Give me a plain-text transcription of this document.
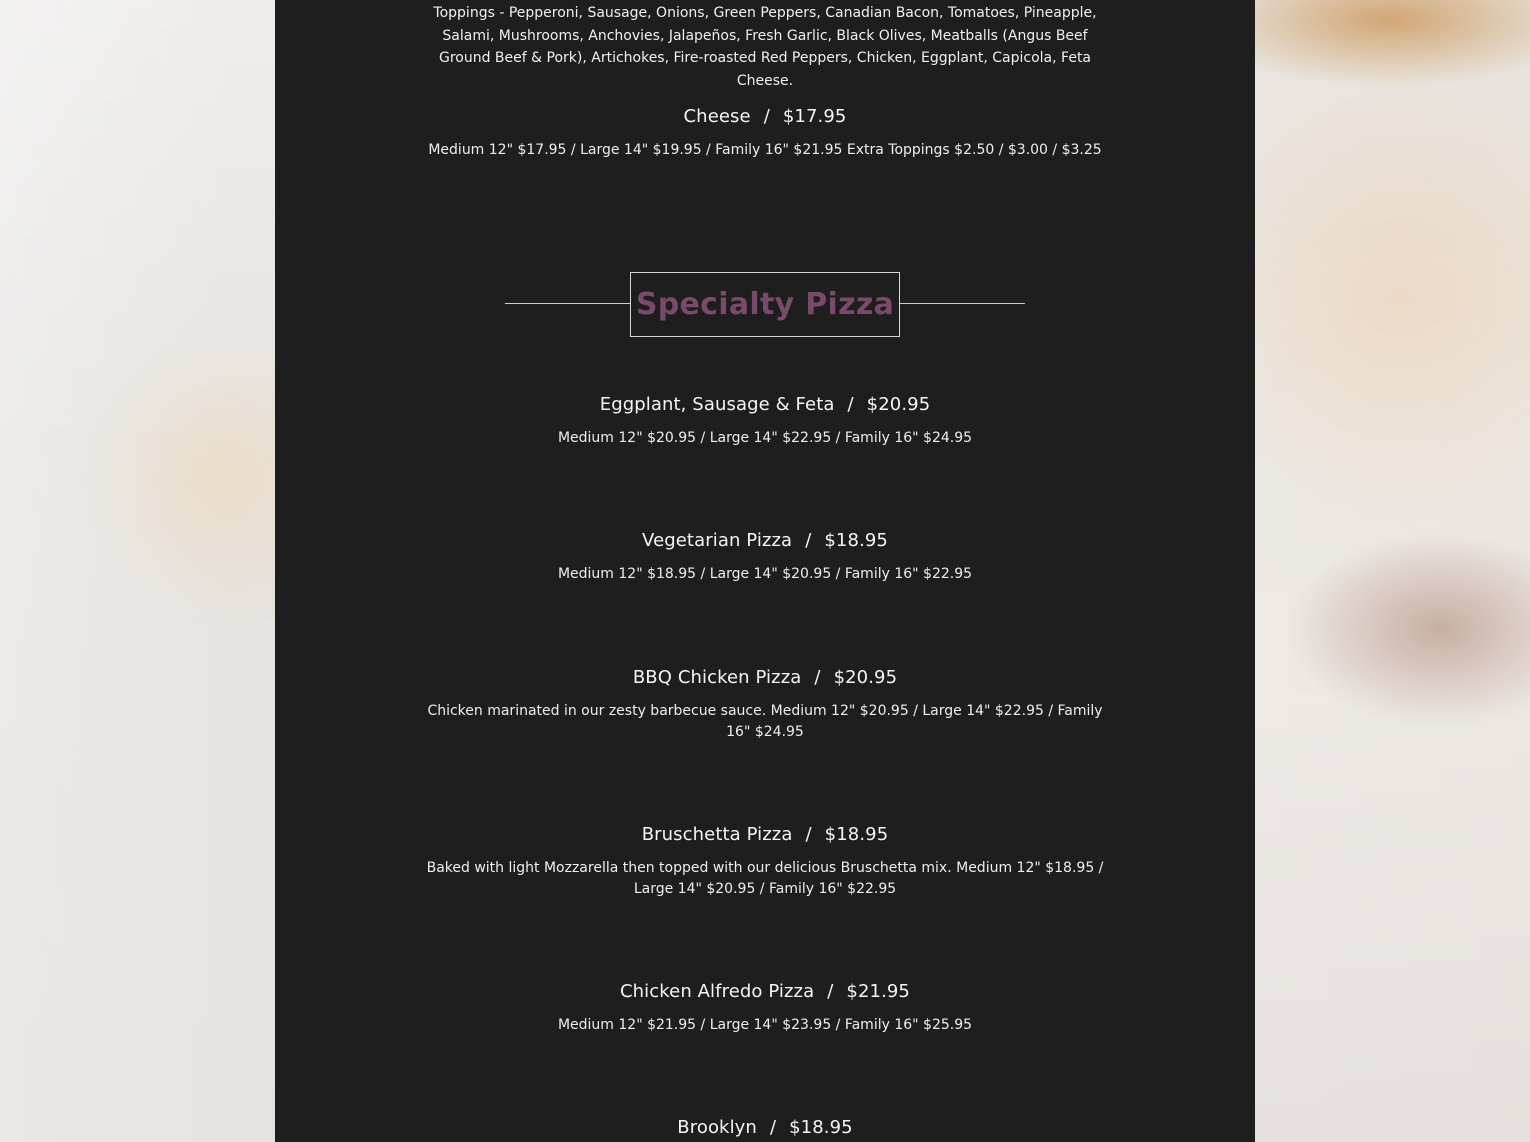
Toppings - Pepperoni, Sausage, Onions, Green Peppers, Canadian Bacon, Tomatoes, Pineapple, Salami, Mushrooms, Anchovies, Jalapeños, Fresh Garlic, Black Olives, Meatballs (Angus Beef Ground Beef & Pork), Artichokes, Fire-roasted Red Peppers, Chicken, Eggplant, Capicola, Feta Cheese.

Cheese / $17.95
Medium 12" $17.95 / Large 14" $19.95 / Family 16" $21.95 Extra Toppings $2.50 / $3.00 / $3.25
Specialty Pizza
Eggplant, Sausage & Feta / $20.95
Medium 12" $20.95 / Large 14" $22.95 / Family 16" $24.95
Vegetarian Pizza / $18.95
Medium 12" $18.95 / Large 14" $20.95 / Family 16" $22.95
BBQ Chicken Pizza / $20.95
Chicken marinated in our zesty barbecue sauce. Medium 12" $20.95 / Large 14" $22.95 / Family 16" $24.95
Bruschetta Pizza / $18.95
Baked with light Mozzarella then topped with our delicious Bruschetta mix. Medium 12" $18.95 / Large 14" $20.95 / Family 16" $22.95
Chicken Alfredo Pizza / $21.95
Medium 12" $21.95 / Large 14" $23.95 / Family 16" $25.95
Brooklyn / $18.95
